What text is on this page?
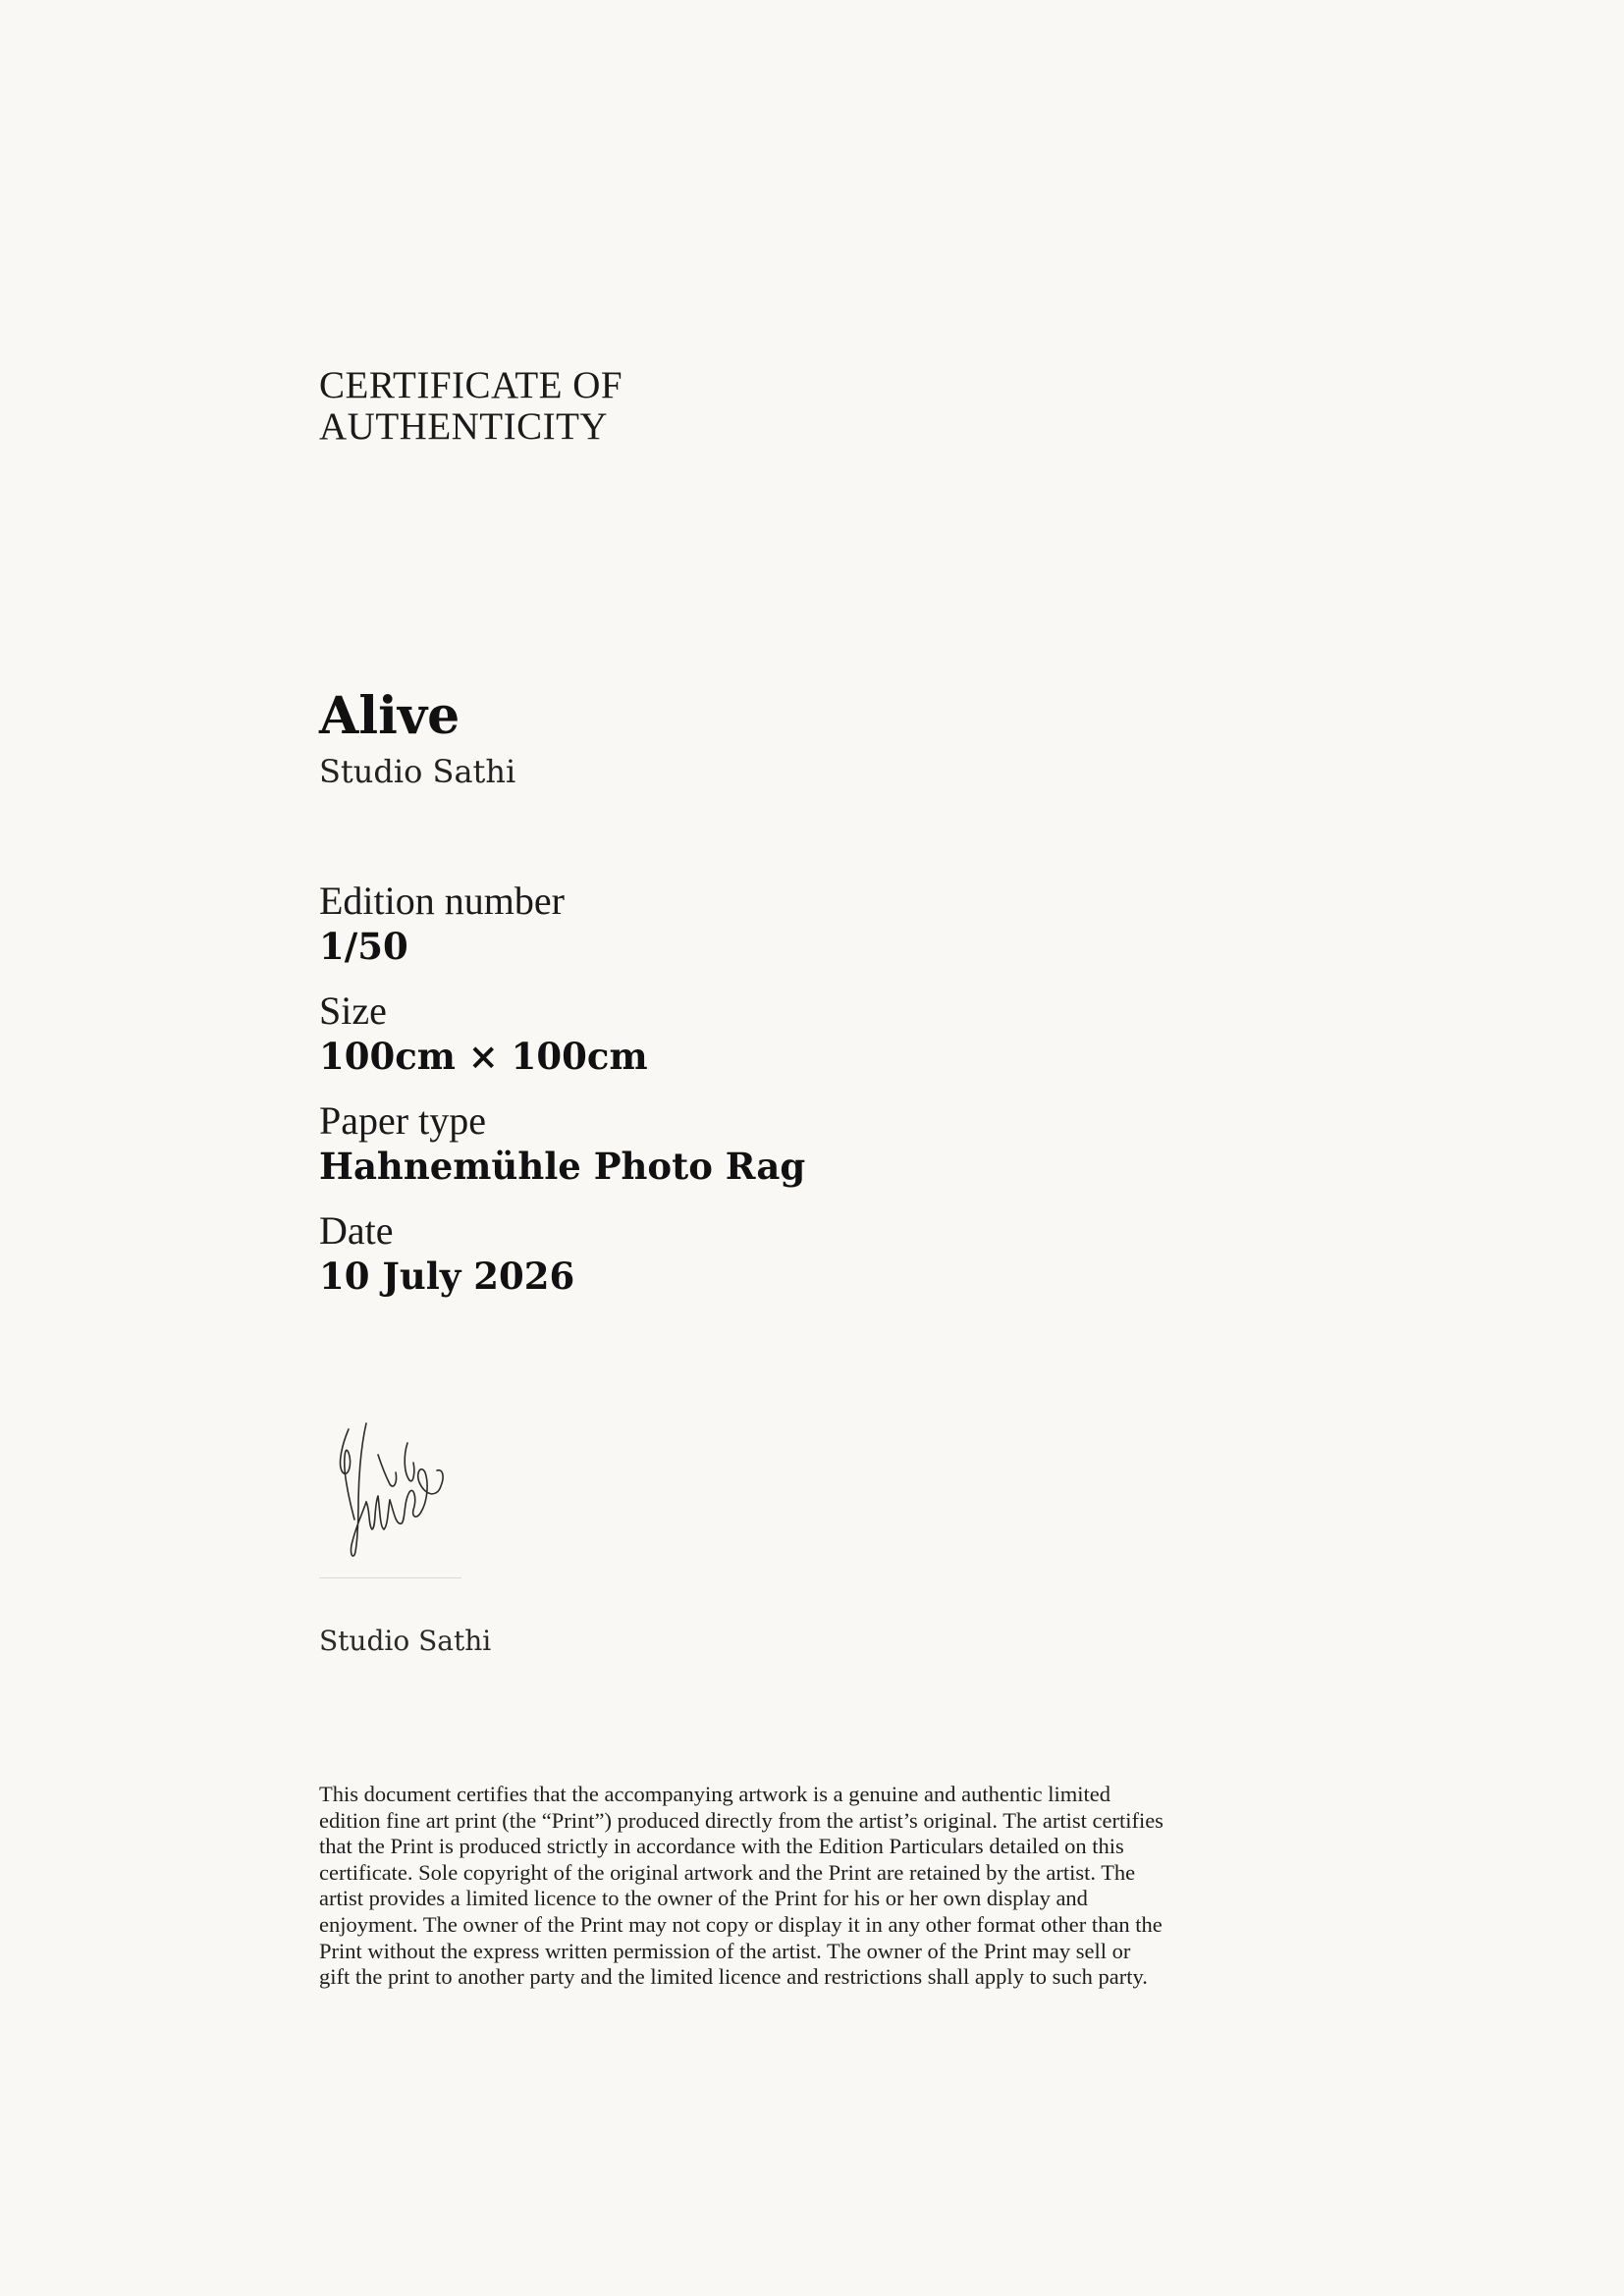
CERTIFICATE OF
AUTHENTICITY
Alive
Studio Sathi
Edition number
1/50
Size
100cm × 100cm
Paper type
Hahnemühle Photo Rag
Date
10 July 2026
Studio Sathi
This document certifies that the accompanying artwork is a genuine and authentic limited
edition fine art print (the “Print”) produced directly from the artist’s original. The artist certifies
that the Print is produced strictly in accordance with the Edition Particulars detailed on this
certificate. Sole copyright of the original artwork and the Print are retained by the artist. The
artist provides a limited licence to the owner of the Print for his or her own display and
enjoyment. The owner of the Print may not copy or display it in any other format other than the
Print without the express written permission of the artist. The owner of the Print may sell or
gift the print to another party and the limited licence and restrictions shall apply to such party.
